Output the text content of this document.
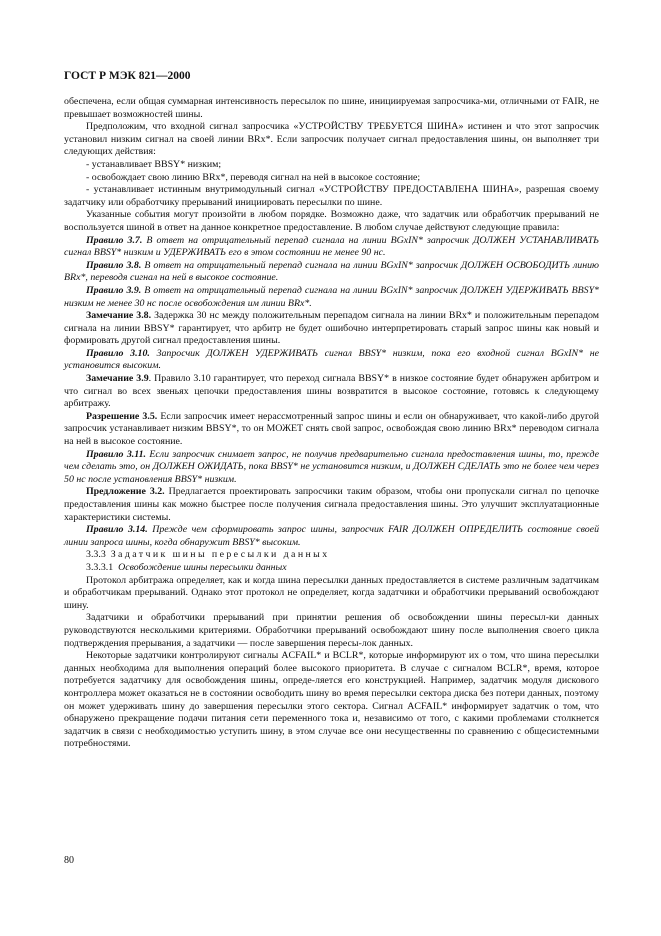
ГОСТ Р МЭК 821—2000

обеспечена, если общая суммарная интенсивность пересылок по шине, инициируемая запросчика-ми, отличными от FAIR, не превышает возможностей шины.

Предположим, что входной сигнал запросчика «УСТРОЙСТВУ ТРЕБУЕТСЯ ШИНА» истинен и что этот запросчик установил низким сигнал на своей линии BRx*. Если запросчик получает сигнал предоставления шины, он выполняет три следующих действия:

- устанавливает BBSY* низким;

- освобождает свою линию BRx*, переводя сигнал на ней в высокое состояние;

- устанавливает истинным внутримодульный сигнал «УСТРОЙСТВУ ПРЕДОСТАВЛЕНА ШИНА», разрешая своему задатчику или обработчику прерываний инициировать пересылки по шине.

Указанные события могут произойти в любом порядке. Возможно даже, что задатчик или обработчик прерываний не воспользуется шиной в ответ на данное конкретное предоставление. В любом случае действуют следующие правила:

Правило 3.7. В ответ на отрицательный перепад сигнала на линии BGxIN* запросчик ДОЛЖЕН УСТАНАВЛИВАТЬ сигнал BBSY* низким и УДЕРЖИВАТЬ его в этом состоянии не менее 90 нс.

Правило 3.8. В ответ на отрицательный перепад сигнала на линии BGxIN* запросчик ДОЛЖЕН ОСВОБОДИТЬ линию BRx*, переводя сигнал на ней в высокое состояние.

Правило 3.9. В ответ на отрицательный перепад сигнала на линии BGxIN* запросчик ДОЛЖЕН УДЕРЖИВАТЬ BBSY* низким не менее 30 нс после освобождения им линии BRx*.

Замечание 3.8. Задержка 30 нс между положительным перепадом сигнала на линии BRx* и положительным перепадом сигнала на линии BBSY* гарантирует, что арбитр не будет ошибочно интерпретировать старый запрос шины как новый и формировать другой сигнал предоставления шины.

Правило 3.10. Запросчик ДОЛЖЕН УДЕРЖИВАТЬ сигнал BBSY* низким, пока его входной сигнал BGxIN* не установится высоким.

Замечание 3.9. Правило 3.10 гарантирует, что переход сигнала BBSY* в низкое состояние будет обнаружен арбитром и что сигнал во всех звеньях цепочки предоставления шины возвратится в высокое состояние, готовясь к следующему арбитражу.

Разрешение 3.5. Если запросчик имеет нерассмотренный запрос шины и если он обнаруживает, что какой-либо другой запросчик устанавливает низким BBSY*, то он МОЖЕТ снять свой запрос, освобождая свою линию BRx* переводом сигнала на ней в высокое состояние.

Правило 3.11. Если запросчик снимает запрос, не получив предварительно сигнала предоставления шины, то, прежде чем сделать это, он ДОЛЖЕН ОЖИДАТЬ, пока BBSY* не установится низким, и ДОЛЖЕН СДЕЛАТЬ это не более чем через 50 нс после установления BBSY* низким.

Предложение 3.2. Предлагается проектировать запросчики таким образом, чтобы они пропускали сигнал по цепочке предоставления шины как можно быстрее после получения сигнала предоставления шины. Это улучшит эксплуатационные характеристики системы.

Правило 3.14. Прежде чем сформировать запрос шины, запросчик FAIR ДОЛЖЕН ОПРЕДЕЛИТЬ состояние своей линии запроса шины, когда обнаружит BBSY* высоким.

3.3.3 Задатчик шины пересылки данных

3.3.3.1 Освобождение шины пересылки данных

Протокол арбитража определяет, как и когда шина пересылки данных предоставляется в системе различным задатчикам и обработчикам прерываний. Однако этот протокол не определяет, когда задатчики и обработчики прерываний освобождают шину.

Задатчики и обработчики прерываний при принятии решения об освобождении шины пересыл-ки данных руководствуются несколькими критериями. Обработчики прерываний освобождают шину после выполнения своего цикла подтверждения прерывания, а задатчики — после завершения пересы-лок данных.

Некоторые задатчики контролируют сигналы ACFAIL* и BCLR*, которые информируют их о том, что шина пересылки данных необходима для выполнения операций более высокого приоритета. В случае с сигналом BCLR*, время, которое потребуется задатчику для освобождения шины, опреде-ляется его конструкцией. Например, задатчик модуля дискового контроллера может оказаться не в состоянии освободить шину во время пересылки сектора диска без потери данных, поэтому он может удерживать шину до завершения пересылки этого сектора. Сигнал ACFAIL* информирует задатчик о том, что обнаружено прекращение подачи питания сети переменного тока и, независимо от того, с какими проблемами столкнется задатчик в связи с необходимостью уступить шину, в этом случае все они несущественны по сравнению с общесистемными потребностями.

80
